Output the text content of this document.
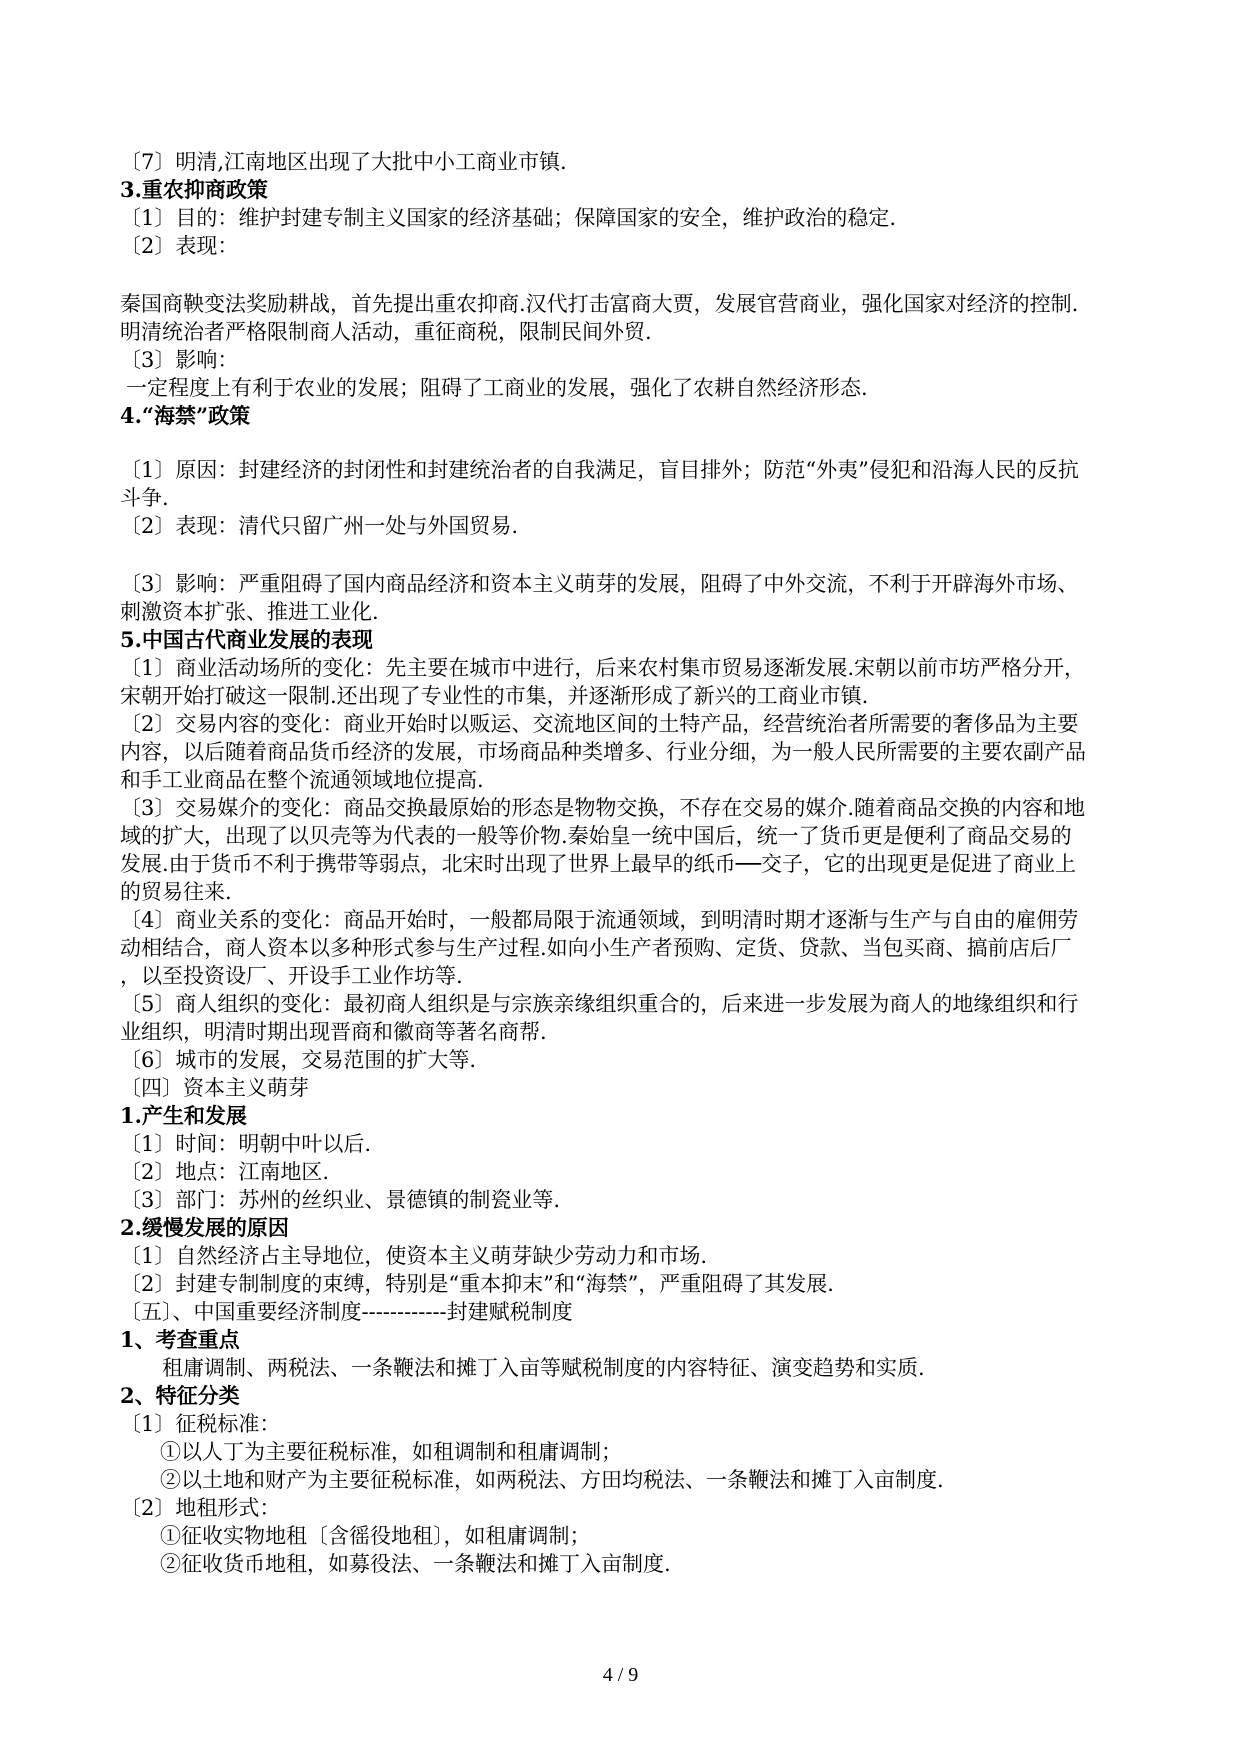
〔7〕明清,江南地区出现了大批中小工商业市镇.
3.重农抑商政策
〔1〕目的：维护封建专制主义国家的经济基础；保障国家的安全，维护政治的稳定.
〔2〕表现：
秦国商鞅变法奖励耕战，首先提出重农抑商.汉代打击富商大贾，发展官营商业，强化国家对经济的控制.
明清统治者严格限制商人活动，重征商税，限制民间外贸.
〔3〕影响：
一定程度上有利于农业的发展；阻碍了工商业的发展，强化了农耕自然经济形态.
4.“海禁”政策
〔1〕原因：封建经济的封闭性和封建统治者的自我满足，盲目排外；防范“外夷”侵犯和沿海人民的反抗
斗争.
〔2〕表现：清代只留广州一处与外国贸易.
〔3〕影响：严重阻碍了国内商品经济和资本主义萌芽的发展，阻碍了中外交流，不利于开辟海外市场、
刺激资本扩张、推进工业化.
5.中国古代商业发展的表现
〔1〕商业活动场所的变化：先主要在城市中进行，后来农村集市贸易逐渐发展.宋朝以前市坊严格分开，
宋朝开始打破这一限制.还出现了专业性的市集，并逐渐形成了新兴的工商业市镇.
〔2〕交易内容的变化：商业开始时以贩运、交流地区间的土特产品，经营统治者所需要的奢侈品为主要
内容，以后随着商品货币经济的发展，市场商品种类增多、行业分细，为一般人民所需要的主要农副产品
和手工业商品在整个流通领域地位提高.
〔3〕交易媒介的变化：商品交换最原始的形态是物物交换，不存在交易的媒介.随着商品交换的内容和地
域的扩大，出现了以贝壳等为代表的一般等价物.秦始皇一统中国后，统一了货币更是便利了商品交易的
发展.由于货币不利于携带等弱点，北宋时出现了世界上最早的纸币──交子，它的出现更是促进了商业上
的贸易往来.
〔4〕商业关系的变化：商品开始时，一般都局限于流通领域，到明清时期才逐渐与生产与自由的雇佣劳
动相结合，商人资本以多种形式参与生产过程.如向小生产者预购、定货、贷款、当包买商、搞前店后厂
，以至投资设厂、开设手工业作坊等.
〔5〕商人组织的变化：最初商人组织是与宗族亲缘组织重合的，后来进一步发展为商人的地缘组织和行
业组织，明清时期出现晋商和徽商等著名商帮.
〔6〕城市的发展，交易范围的扩大等.
〔四〕资本主义萌芽
1.产生和发展
〔1〕时间：明朝中叶以后.
〔2〕地点：江南地区.
〔3〕部门：苏州的丝织业、景德镇的制瓷业等.
2.缓慢发展的原因
〔1〕自然经济占主导地位，使资本主义萌芽缺少劳动力和市场.
〔2〕封建专制制度的束缚，特别是“重本抑末”和“海禁”，严重阻碍了其发展.
〔五〕、中国重要经济制度------------封建赋税制度
1、考查重点
租庸调制、两税法、一条鞭法和摊丁入亩等赋税制度的内容特征、演变趋势和实质.
2、特征分类
〔1〕征税标准：
①以人丁为主要征税标准，如租调制和租庸调制；
②以土地和财产为主要征税标准，如两税法、方田均税法、一条鞭法和摊丁入亩制度.
〔2〕地租形式：
①征收实物地租〔含徭役地租〕，如租庸调制；
②征收货币地租，如募役法、一条鞭法和摊丁入亩制度.
4 / 9
